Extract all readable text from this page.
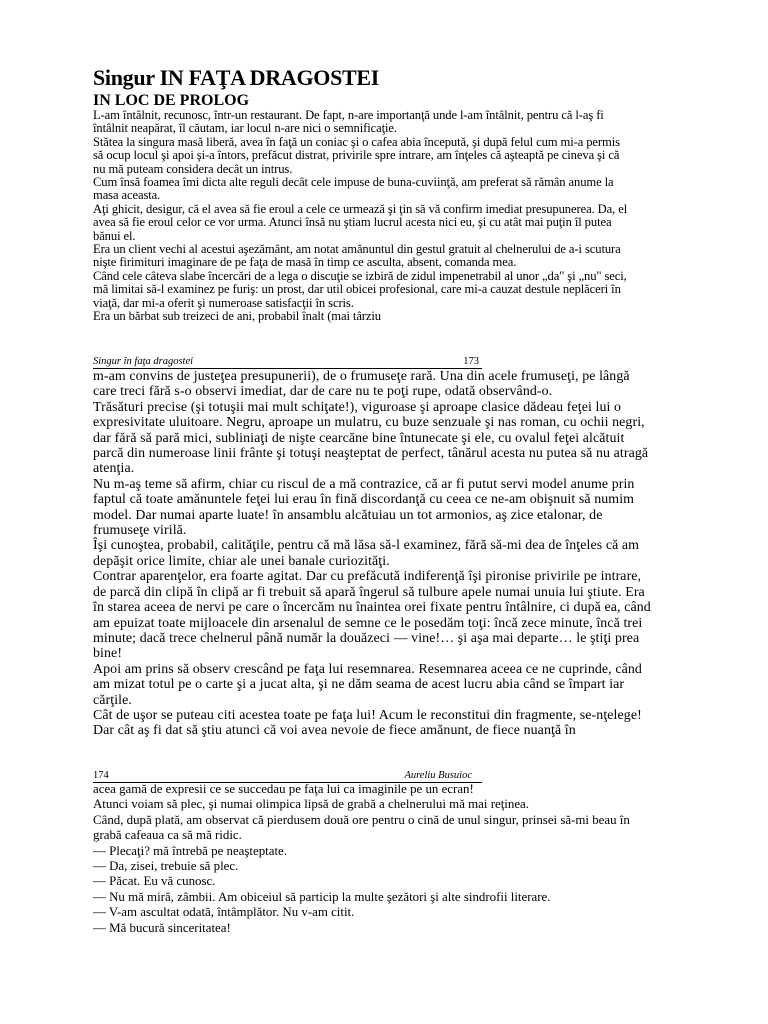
Singur IN FAŢA DRAGOSTEI
IN LOC DE PROLOG
L-am întâlnit, recunosc, într-un restaurant. De fapt, n-are importanţă unde l-am întâlnit, pentru că l-aş fi
întâlnit neapărat, îl căutam, iar locul n-are nici o semnificaţie.
Stătea la singura masă liberă, avea în faţă un coniac şi o cafea abia începută, şi după felul cum mi-a permis
să ocup locul şi apoi şi-a întors, prefăcut distrat, privirile spre intrare, am înţeles că aşteaptă pe cineva şi că
nu mă puteam considera decât un intrus.
Cum însă foamea îmi dicta alte reguli decât cele impuse de buna-cuviinţă, am preferat să rămân anume la
masa aceasta.
Aţi ghicit, desigur, că el avea să fie eroul a cele ce urmează şi ţin să vă confirm imediat presupunerea. Da, el
avea să fie eroul celor ce vor urma. Atunci însă nu ştiam lucrul acesta nici eu, şi cu atât mai puţin îl putea
bănui el.
Era un client vechi al acestui aşezământ, am notat amănuntul din gestul gratuit al chelnerului de a-i scutura
nişte firimituri imaginare de pe faţa de masă în timp ce asculta, absent, comanda mea.
Când cele câteva slabe încercări de a lega o discuţie se izbiră de zidul impenetrabil al unor „da" şi „nu" seci,
mă limitai să-l examinez pe furiş: un prost, dar util obicei profesional, care mi-a cauzat destule neplăceri în
viaţă, dar mi-a oferit şi numeroase satisfacţii în scris.
Era un bărbat sub treizeci de ani, probabil înalt (mai târziu
Singur în faţa dragostei	173
m-am convins de justeţea presupunerii), de o frumuseţe rară. Una din acele frumuseţi, pe lângă
care treci fără s-o observi imediat, dar de care nu te poţi rupe, odată observând-o.
Trăsături precise (şi totuşii mai mult schiţate!), viguroase şi aproape clasice dădeau feţei lui o
expresivitate uluitoare. Negru, aproape un mulatru, cu buze senzuale şi nas roman, cu ochii negri,
dar fără să pară mici, subliniaţi de nişte cearcăne bine întunecate şi ele, cu ovalul feţei alcătuit
parcă din numeroase linii frânte şi totuşi neaşteptat de perfect, tânărul acesta nu putea să nu atragă
atenţia.
Nu m-aş teme să afirm, chiar cu riscul de a mă contrazice, că ar fi putut servi model anume prin
faptul că toate amănuntele feţei lui erau în fină discordanţă cu ceea ce ne-am obişnuit să numim
model. Dar numai aparte luate! în ansamblu alcătuiau un tot armonios, aş zice etalonar, de
frumuseţe virilă.
Îşi cunoştea, probabil, calităţile, pentru că mă lăsa să-l examinez, fără să-mi dea de înţeles că am
depăşit orice limite, chiar ale unei banale curiozităţi.
Contrar aparenţelor, era foarte agitat. Dar cu prefăcută indiferenţă îşi pironise privirile pe intrare,
de parcă din clipă în clipă ar fi trebuit să apară îngerul să tulbure apele numai unuia lui ştiute. Era
în starea aceea de nervi pe care o încercăm nu înaintea orei fixate pentru întâlnire, ci după ea, când
am epuizat toate mijloacele din arsenalul de semne ce le posedăm toţi: încă zece minute, încă trei
minute; dacă trece chelnerul până număr la douăzeci — vine!… şi aşa mai departe… le ştiţi prea
bine!
Apoi am prins să observ crescând pe faţa lui resemnarea. Resemnarea aceea ce ne cuprinde, când
am mizat totul pe o carte şi a jucat alta, şi ne dăm seama de acest lucru abia când se împart iar
cărţile.
Cât de uşor se puteau citi acestea toate pe faţa lui! Acum le reconstitui din fragmente, se-nţelege!
Dar cât aş fi dat să ştiu atunci că voi avea nevoie de fiece amănunt, de fiece nuanţă în
174	Aureliu Busuioc
acea gamă de expresii ce se succedau pe faţa lui ca imaginile pe un ecran!
Atunci voiam să plec, şi numai olimpica lipsă de grabă a chelnerului mă mai reţinea.
Când, după plată, am observat că pierdusem două ore pentru o cină de unul singur, prinsei să-mi beau în
grabă cafeaua ca să mă ridic.
— Plecaţi? mă întrebă pe neaşteptate.
— Da, zisei, trebuie să plec.
— Păcat. Eu vă cunosc.
— Nu mă miră, zâmbii. Am obiceiul să particip la multe şezători şi alte sindrofii literare.
— V-am ascultat odată, întâmplător. Nu v-am citit.
— Mă bucură sinceritatea!
